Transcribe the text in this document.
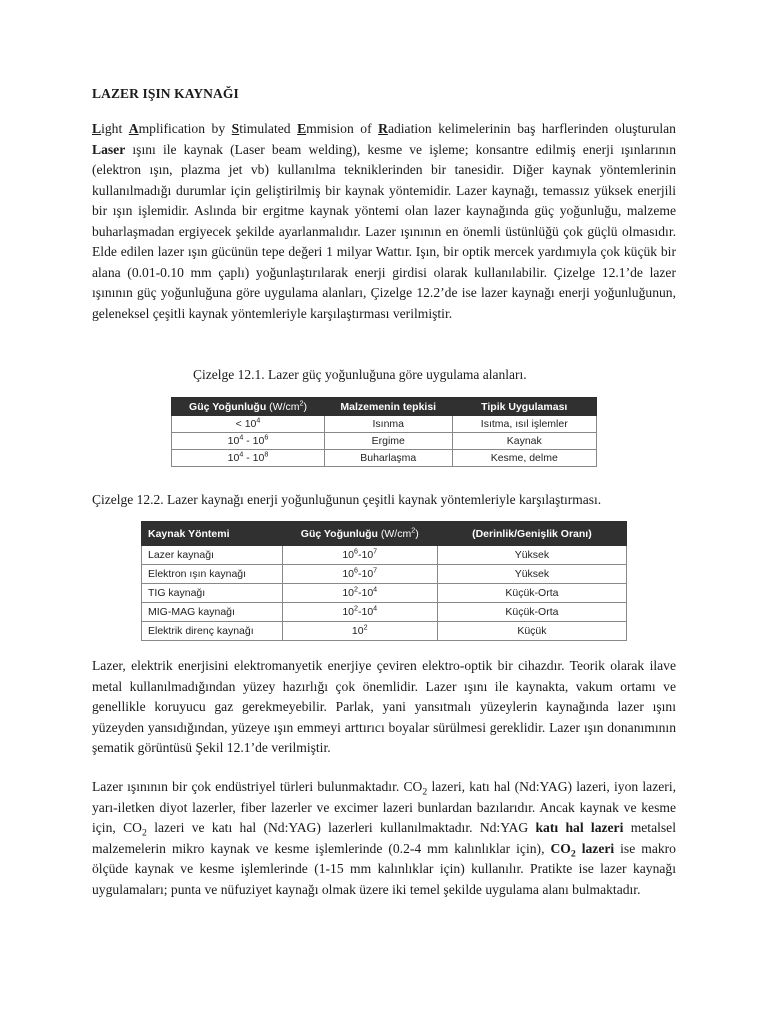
LAZER IŞIN KAYNAĞI

Light Amplification by Stimulated Emmision of Radiation kelimelerinin baş harflerinden oluşturulan Laser ışını ile kaynak (Laser beam welding), kesme ve işleme; konsantre edilmiş enerji ışınlarının (elektron ışın, plazma jet vb) kullanılma tekniklerinden bir tanesidir. Diğer kaynak yöntemlerinin kullanılmadığı durumlar için geliştirilmiş bir kaynak yöntemidir. Lazer kaynağı, temassız yüksek enerjili bir ışın işlemidir. Aslında bir ergitme kaynak yöntemi olan lazer kaynağında güç yoğunluğu, malzeme buharlaşmadan ergiyecek şekilde ayarlanmalıdır. Lazer ışınının en önemli üstünlüğü çok güçlü olmasıdır. Elde edilen lazer ışın gücünün tepe değeri 1 milyar Wattır. Işın, bir optik mercek yardımıyla çok küçük bir alana (0.01-0.10 mm çaplı) yoğunlaştırılarak enerji girdisi olarak kullanılabilir. Çizelge 12.1’de lazer ışınının güç yoğunluğuna göre uygulama alanları, Çizelge 12.2’de ise lazer kaynağı enerji yoğunluğunun, geleneksel çeşitli kaynak yöntemleriyle karşılaştırması verilmiştir.

Çizelge 12.1. Lazer güç yoğunluğuna göre uygulama alanları.
Güç Yoğunluğu $(W/cm^2)$	Malzemenin tepkisi	Tipik Uygulaması
< $10^4$	Isınma	Isıtma, ısıl işlemler
$10^4 - 10^6$	Ergime	Kaynak
$10^4 - 10^8$	Buharlaşma	Kesme, delme
Çizelge 12.2. Lazer kaynağı enerji yoğunluğunun çeşitli kaynak yöntemleriyle karşılaştırması.
Kaynak Yöntemi	Güç Yoğunluğu $(W/cm^2)$	(Derinlik/Genişlik Oranı)
Lazer kaynağı	$10^6-10^7$	Yüksek
Elektron ışın kaynağı	$10^6-10^7$	Yüksek
TIG kaynağı	$10^2-10^4$	Küçük-Orta
MIG-MAG kaynağı	$10^2-10^4$	Küçük-Orta
Elektrik direnç kaynağı	$10^2$	Küçük

Lazer, elektrik enerjisini elektromanyetik enerjiye çeviren elektro-optik bir cihazdır. Teorik olarak ilave metal kullanılmadığından yüzey hazırlığı çok önemlidir. Lazer ışını ile kaynakta, vakum ortamı ve genellikle koruyucu gaz gerekmeyebilir. Parlak, yani yansıtmalı yüzeylerin kaynağında lazer ışını yüzeyden yansıdığından, yüzeye ışın emmeyi arttırıcı boyalar sürülmesi gereklidir. Lazer ışın donanımının şematik görüntüsü Şekil 12.1’de verilmiştir.

Lazer ışınının bir çok endüstriyel türleri bulunmaktadır. $CO_2$ lazeri, katı hal (Nd:YAG) lazeri, iyon lazeri, yarı-iletken diyot lazerler, fiber lazerler ve excimer lazeri bunlardan bazılarıdır. Ancak kaynak ve kesme için, $CO_2$ lazeri ve katı hal (Nd:YAG) lazerleri kullanılmaktadır. Nd:YAG katı hal lazeri metalsel malzemelerin mikro kaynak ve kesme işlemlerinde (0.2-4 mm kalınlıklar için), $CO_2$ lazeri ise makro ölçüde kaynak ve kesme işlemlerinde (1-15 mm kalınlıklar için) kullanılır. Pratikte ise lazer kaynağı uygulamaları; punta ve nüfuziyet kaynağı olmak üzere iki temel şekilde uygulama alanı bulmaktadır.
